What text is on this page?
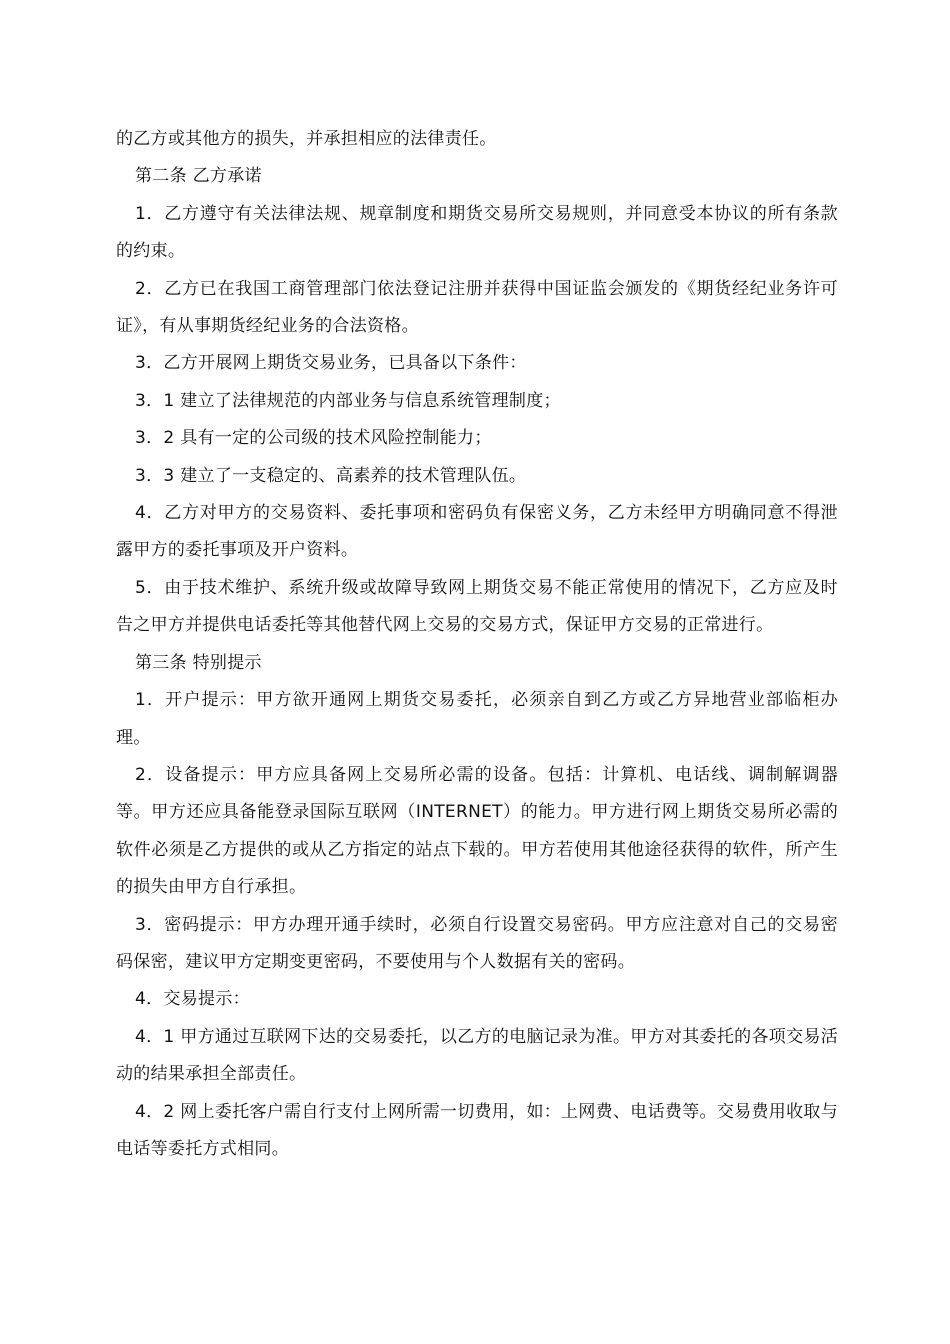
的乙方或其他方的损失，并承担相应的法律责任。

第二条 乙方承诺

1．乙方遵守有关法律法规、规章制度和期货交易所交易规则，并同意受本协议的所有条款的约束。

2．乙方已在我国工商管理部门依法登记注册并获得中国证监会颁发的《期货经纪业务许可证》，有从事期货经纪业务的合法资格。

3．乙方开展网上期货交易业务，已具备以下条件：

3．1 建立了法律规范的内部业务与信息系统管理制度；

3．2 具有一定的公司级的技术风险控制能力；

3．3 建立了一支稳定的、高素养的技术管理队伍。

4．乙方对甲方的交易资料、委托事项和密码负有保密义务，乙方未经甲方明确同意不得泄露甲方的委托事项及开户资料。

5．由于技术维护、系统升级或故障导致网上期货交易不能正常使用的情况下，乙方应及时告之甲方并提供电话委托等其他替代网上交易的交易方式，保证甲方交易的正常进行。

第三条 特别提示

1．开户提示：甲方欲开通网上期货交易委托，必须亲自到乙方或乙方异地营业部临柜办理。

2．设备提示：甲方应具备网上交易所必需的设备。包括：计算机、电话线、调制解调器等。甲方还应具备能登录国际互联网（INTERNET）的能力。甲方进行网上期货交易所必需的软件必须是乙方提供的或从乙方指定的站点下载的。甲方若使用其他途径获得的软件，所产生的损失由甲方自行承担。

3．密码提示：甲方办理开通手续时，必须自行设置交易密码。甲方应注意对自己的交易密码保密，建议甲方定期变更密码，不要使用与个人数据有关的密码。

4．交易提示：

4．1 甲方通过互联网下达的交易委托，以乙方的电脑记录为准。甲方对其委托的各项交易活动的结果承担全部责任。

4．2 网上委托客户需自行支付上网所需一切费用，如：上网费、电话费等。交易费用收取与电话等委托方式相同。
